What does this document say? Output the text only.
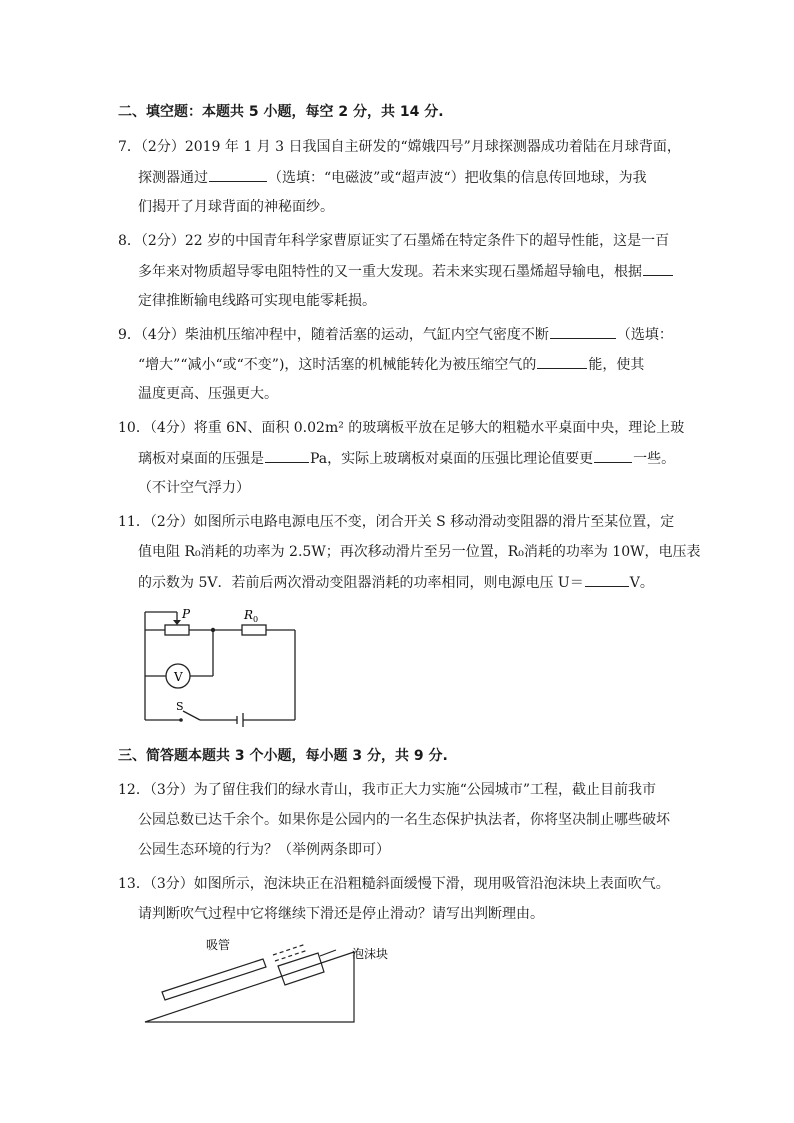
二、填空题：本题共 5 小题，每空 2 分，共 14 分.
7．（2分）2019 年 1 月 3 日我国自主研发的“嫦娥四号”月球探测器成功着陆在月球背面，
探测器通过	（选填：“电磁波”或“超声波“）把收集的信息传回地球，为我
们揭开了月球背面的神秘面纱。
8．（2分）22 岁的中国青年科学家曹原证实了石墨烯在特定条件下的超导性能，这是一百
多年来对物质超导零电阻特性的又一重大发现。若未来实现石墨烯超导输电，根据
定律推断输电线路可实现电能零耗损。
9．（4分）柴油机压缩冲程中，随着活塞的运动，气缸内空气密度不断	（选填：
“增大”“减小“或“不变”)，这时活塞的机械能转化为被压缩空气的	能，使其
温度更高、压强更大。
10．（4分）将重 6N、面积 0.02m² 的玻璃板平放在足够大的粗糙水平桌面中央，理论上玻
璃板对桌面的压强是	Pa，实际上玻璃板对桌面的压强比理论值要更	一些。
（不计空气浮力）
11．（2分）如图所示电路电源电压不变，闭合开关 S 移动滑动变阻器的滑片至某位置，定
值电阻 R₀消耗的功率为 2.5W；再次移动滑片至另一位置，R₀消耗的功率为 10W，电压表
的示数为 5V．若前后两次滑动变阻器消耗的功率相同，则电源电压 U＝	V。
P	R 0
V
S
三、简答题本题共 3 个小题，每小题 3 分，共 9 分.
12．（3分）为了留住我们的绿水青山，我市正大力实施“公园城市”工程，截止目前我市
公园总数已达千余个。如果你是公园内的一名生态保护执法者，你将坚决制止哪些破坏
公园生态环境的行为？（举例两条即可）
13．（3分）如图所示，泡沫块正在沿粗糙斜面缓慢下滑，现用吸管沿泡沫块上表面吹气。
请判断吹气过程中它将继续下滑还是停止滑动？请写出判断理由。
吸管
泡沫块
